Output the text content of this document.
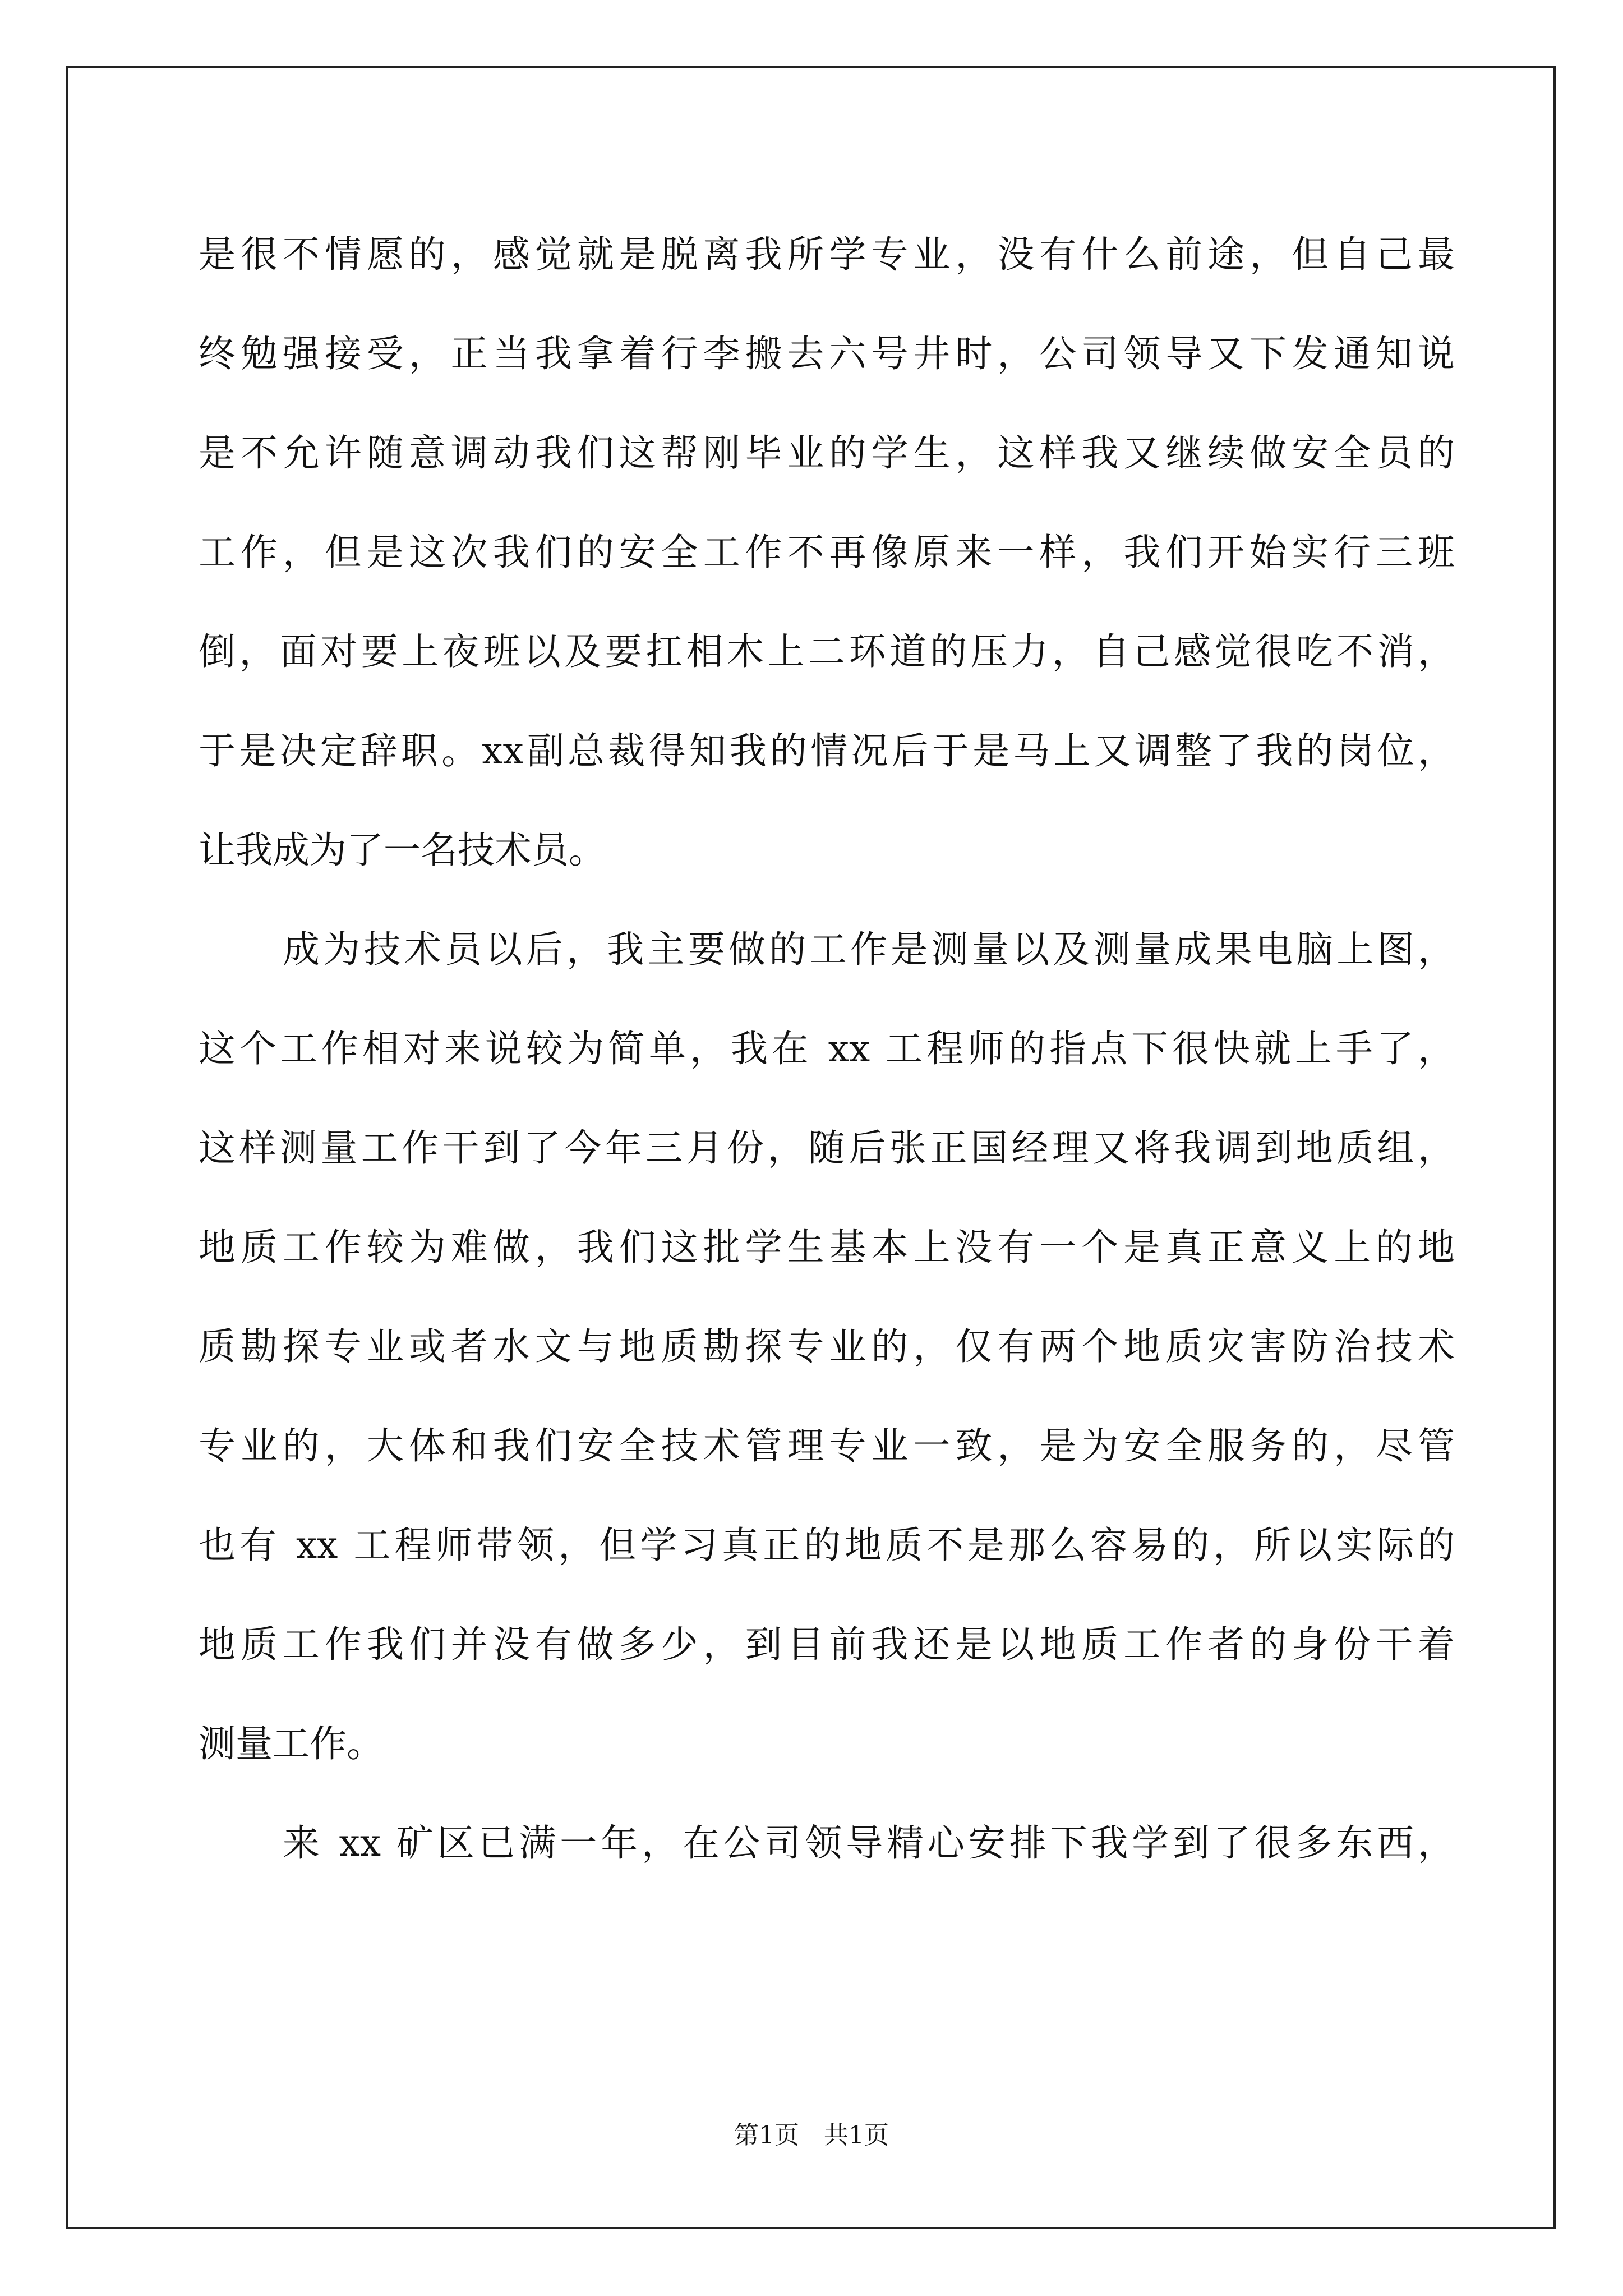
是很不情愿的，感觉就是脱离我所学专业，没有什么前途，但自己最
终勉强接受，正当我拿着行李搬去六号井时，公司领导又下发通知说
是不允许随意调动我们这帮刚毕业的学生，这样我又继续做安全员的
工作，但是这次我们的安全工作不再像原来一样，我们开始实行三班
倒，面对要上夜班以及要扛相木上二环道的压力，自己感觉很吃不消，
于是决定辞职。xx副总裁得知我的情况后于是马上又调整了我的岗位，
让我成为了一名技术员。
成为技术员以后，我主要做的工作是测量以及测量成果电脑上图，
这个工作相对来说较为简单，我在 xx 工程师的指点下很快就上手了，
这样测量工作干到了今年三月份，随后张正国经理又将我调到地质组，
地质工作较为难做，我们这批学生基本上没有一个是真正意义上的地
质勘探专业或者水文与地质勘探专业的，仅有两个地质灾害防治技术
专业的，大体和我们安全技术管理专业一致，是为安全服务的，尽管
也有 xx 工程师带领，但学习真正的地质不是那么容易的，所以实际的
地质工作我们并没有做多少，到目前我还是以地质工作者的身份干着
测量工作。
来 xx 矿区已满一年，在公司领导精心安排下我学到了很多东西，
第1页　共1页
